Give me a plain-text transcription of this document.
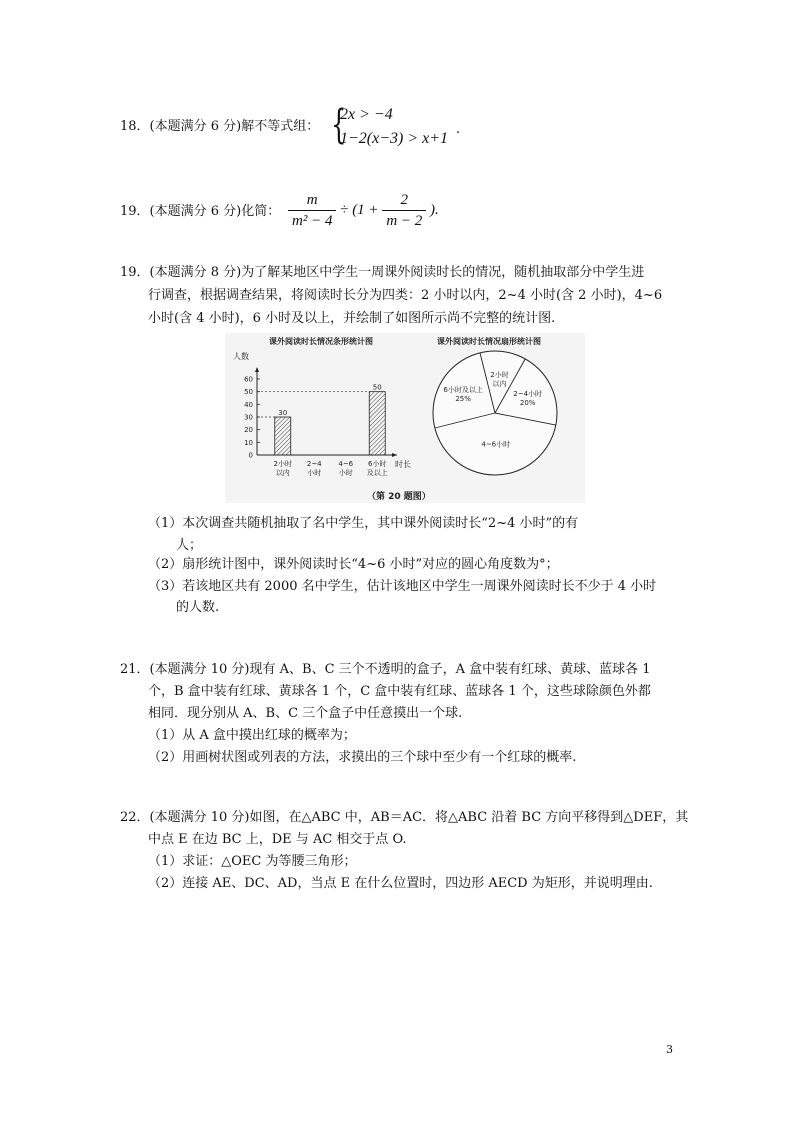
18．(本题满分 6 分)解不等式组： {
2x > −4
1−2(x−3) > x+1
.
19．(本题满分 6 分)化简： $\frac{m}{\text{m² − 4}} \div (1 + \frac{2}{m - 2}$ ).
19．(本题满分 8 分)为了解某地区中学生一周课外阅读时长的情况，随机抽取部分中学生进
行调查，根据调查结果，将阅读时长分为四类：2 小时以内，2~4 小时(含 2 小时)，4~6
小时(含 4 小时)，6 小时及以上，并绘制了如图所示尚不完整的统计图.
课外阅读时长情况条形统计图
人数
时长
0
10
20
30
40
50
60
2小时
以内
30
2~4
小时
4~6
小时
6小时
及以上
50
课外阅读时长情况扇形统计图
2小时
以内
2~4小时
20%
4~6小时
6小时及以上
25%
（第 20 题图）
（1）本次调查共随机抽取了名中学生，其中课外阅读时长“2~4 小时”的有
人；
（2）扇形统计图中，课外阅读时长“4~6 小时”对应的圆心角度数为°；
（3）若该地区共有 2000 名中学生，估计该地区中学生一周课外阅读时长不少于 4 小时
的人数.
21．(本题满分 10 分)现有 A、B、C 三个不透明的盒子，A 盒中装有红球、黄球、蓝球各 1
个，B 盒中装有红球、黄球各 1 个，C 盒中装有红球、蓝球各 1 个，这些球除颜色外都
相同．现分别从 A、B、C 三个盒子中任意摸出一个球.
（1）从 A 盒中摸出红球的概率为；
（2）用画树状图或列表的方法，求摸出的三个球中至少有一个红球的概率.
22．(本题满分 10 分)如图，在△ABC 中，AB＝AC．将△ABC 沿着 BC 方向平移得到△DEF，其
中点 E 在边 BC 上，DE 与 AC 相交于点 O.
（1）求证：△OEC 为等腰三角形；
（2）连接 AE、DC、AD，当点 E 在什么位置时，四边形 AECD 为矩形，并说明理由.
3
